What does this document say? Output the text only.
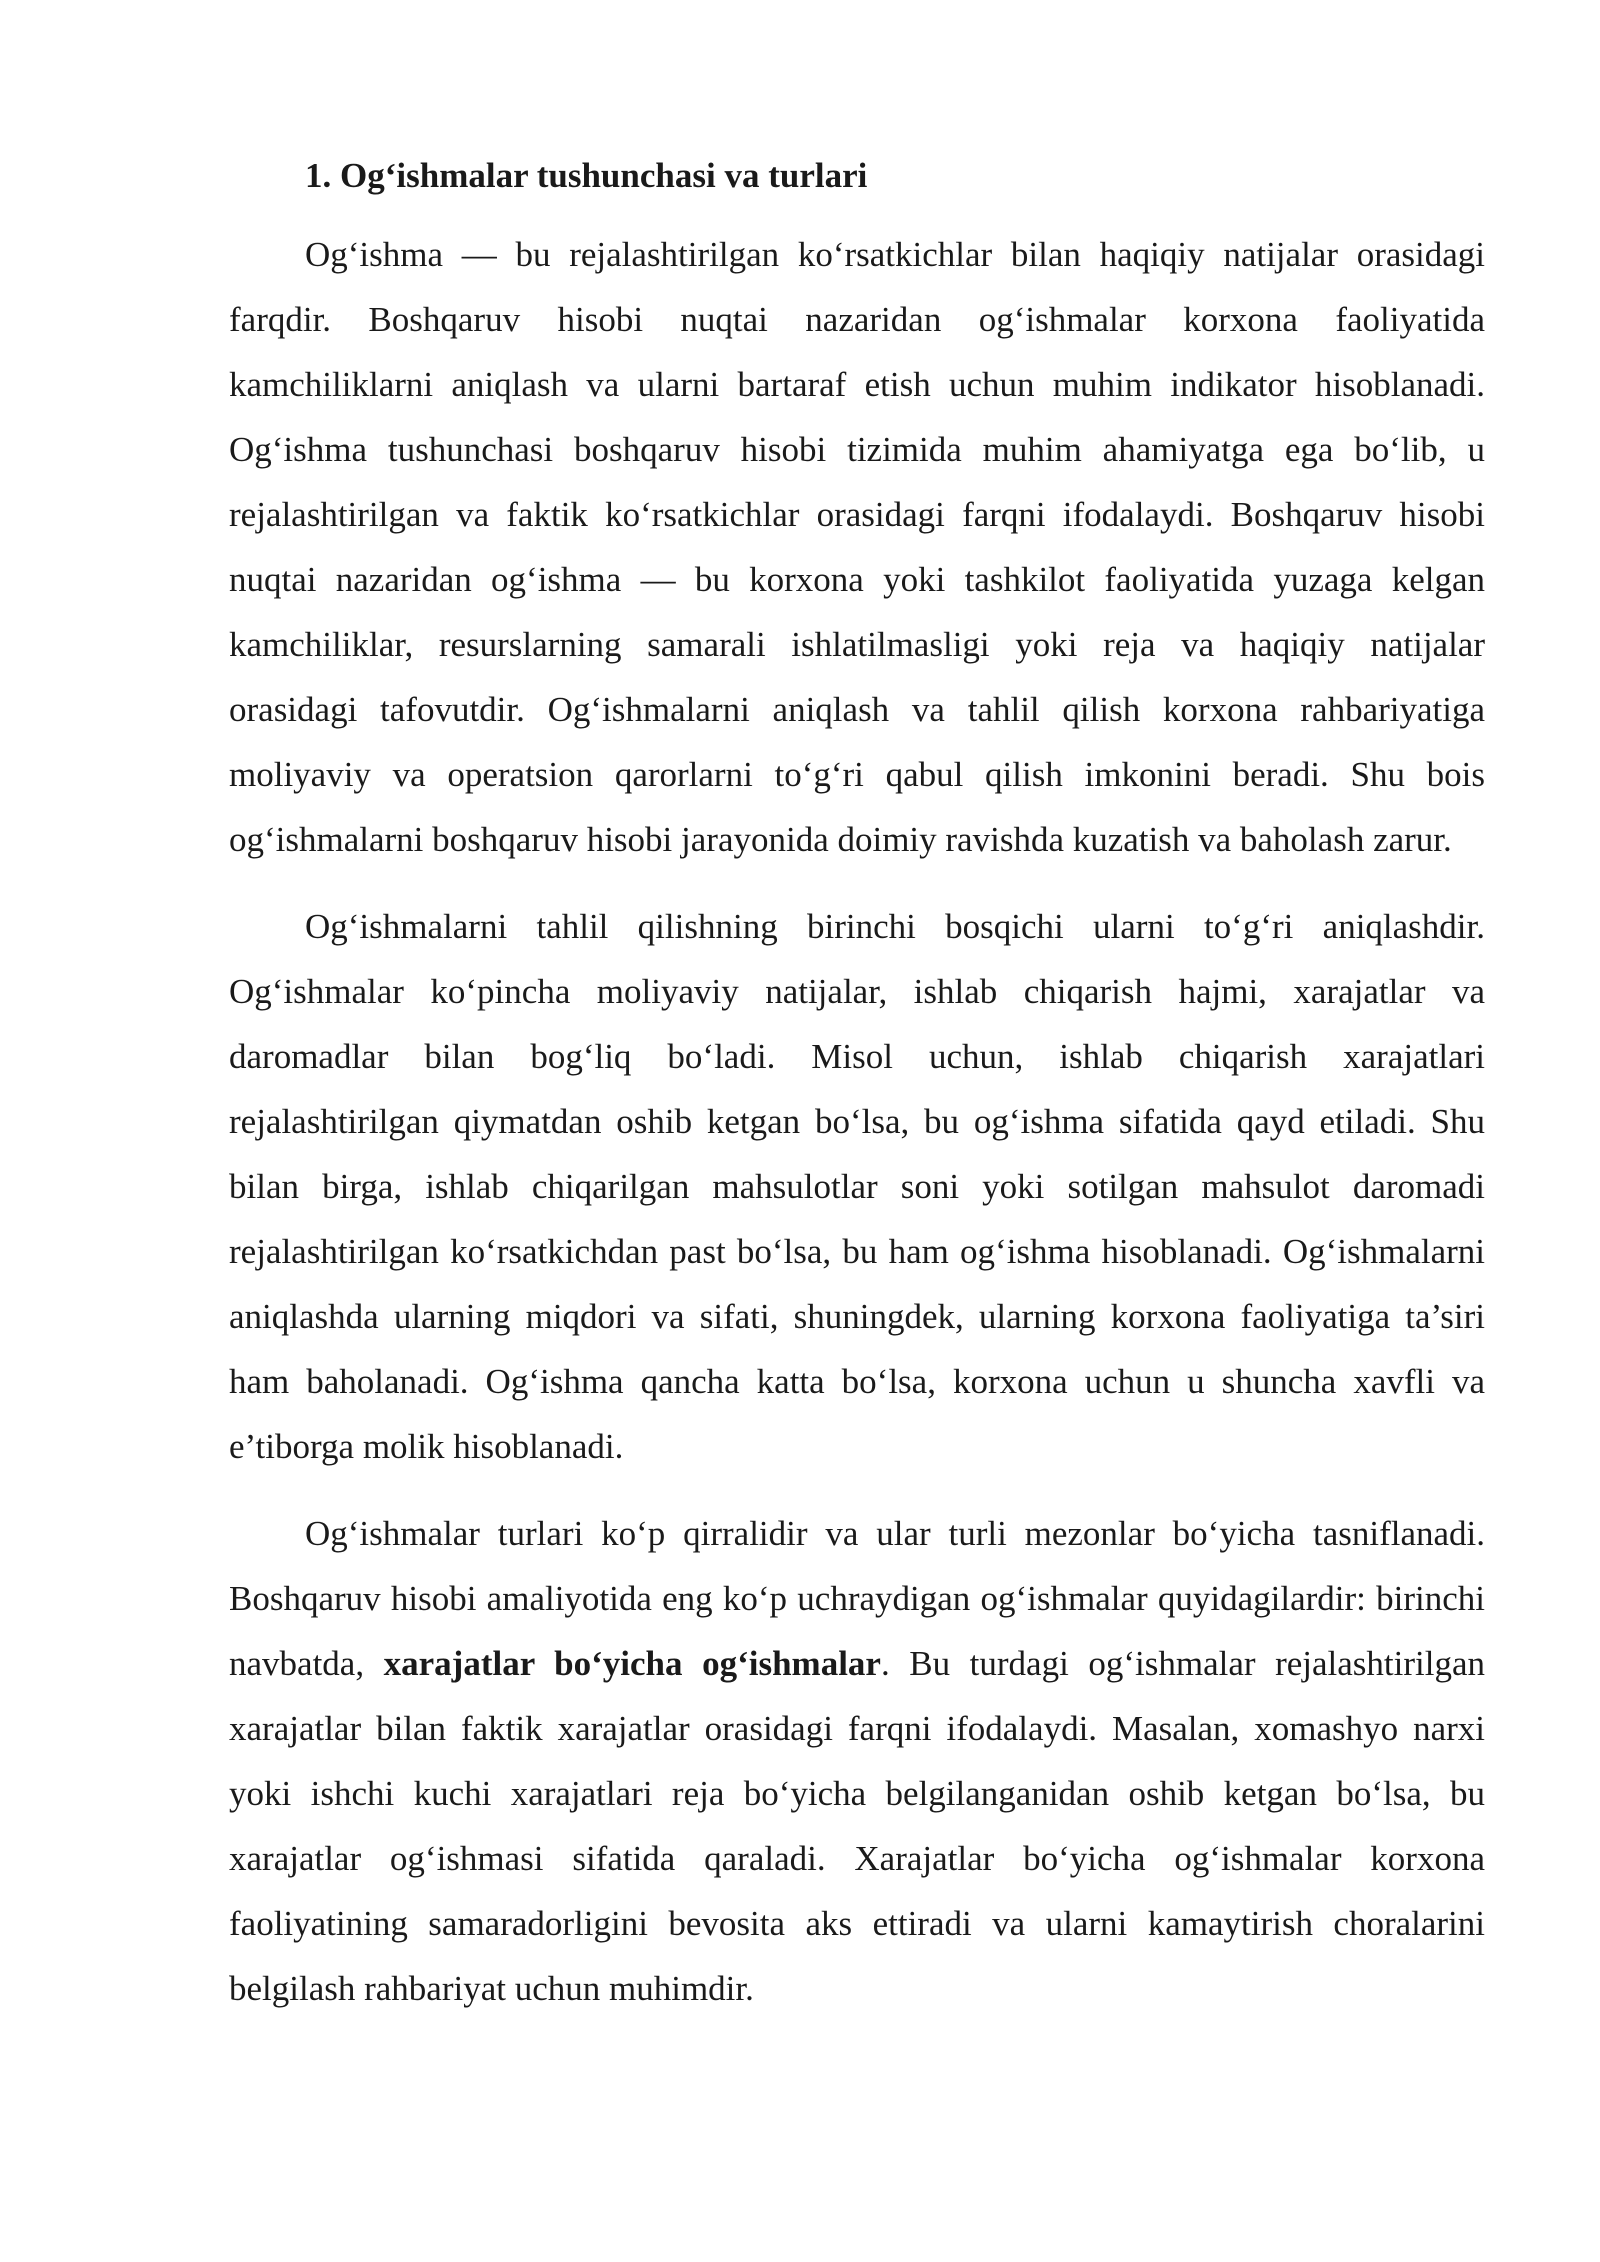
1. Og‘ishmalar tushunchasi va turlari

Og‘ishma — bu rejalashtirilgan ko‘rsatkichlar bilan haqiqiy natijalar orasidagi farqdir. Boshqaruv hisobi nuqtai nazaridan og‘ishmalar korxona faoliyatida kamchiliklarni aniqlash va ularni bartaraf etish uchun muhim indikator hisoblanadi. Og‘ishma tushunchasi boshqaruv hisobi tizimida muhim ahamiyatga ega bo‘lib, u rejalashtirilgan va faktik ko‘rsatkichlar orasidagi farqni ifodalaydi. Boshqaruv hisobi nuqtai nazaridan og‘ishma — bu korxona yoki tashkilot faoliyatida yuzaga kelgan kamchiliklar, resurslarning samarali ishlatilmasligi yoki reja va haqiqiy natijalar orasidagi tafovutdir. Og‘ishmalarni aniqlash va tahlil qilish korxona rahbariyatiga moliyaviy va operatsion qarorlarni to‘g‘ri qabul qilish imkonini beradi. Shu bois og‘ishmalarni boshqaruv hisobi jarayonida doimiy ravishda kuzatish va baholash zarur.

Og‘ishmalarni tahlil qilishning birinchi bosqichi ularni to‘g‘ri aniqlashdir. Og‘ishmalar ko‘pincha moliyaviy natijalar, ishlab chiqarish hajmi, xarajatlar va daromadlar bilan bog‘liq bo‘ladi. Misol uchun, ishlab chiqarish xarajatlari rejalashtirilgan qiymatdan oshib ketgan bo‘lsa, bu og‘ishma sifatida qayd etiladi. Shu bilan birga, ishlab chiqarilgan mahsulotlar soni yoki sotilgan mahsulot daromadi rejalashtirilgan ko‘rsatkichdan past bo‘lsa, bu ham og‘ishma hisoblanadi. Og‘ishmalarni aniqlashda ularning miqdori va sifati, shuningdek, ularning korxona faoliyatiga ta’siri ham baholanadi. Og‘ishma qancha katta bo‘lsa, korxona uchun u shuncha xavfli va e’tiborga molik hisoblanadi.

Og‘ishmalar turlari ko‘p qirralidir va ular turli mezonlar bo‘yicha tasniflanadi. Boshqaruv hisobi amaliyotida eng ko‘p uchraydigan og‘ishmalar quyidagilardir: birinchi navbatda, xarajatlar bo‘yicha og‘ishmalar. Bu turdagi og‘ishmalar rejalashtirilgan xarajatlar bilan faktik xarajatlar orasidagi farqni ifodalaydi. Masalan, xomashyo narxi yoki ishchi kuchi xarajatlari reja bo‘yicha belgilanganidan oshib ketgan bo‘lsa, bu xarajatlar og‘ishmasi sifatida qaraladi. Xarajatlar bo‘yicha og‘ishmalar korxona faoliyatining samaradorligini bevosita aks ettiradi va ularni kamaytirish choralarini belgilash rahbariyat uchun muhimdir.
